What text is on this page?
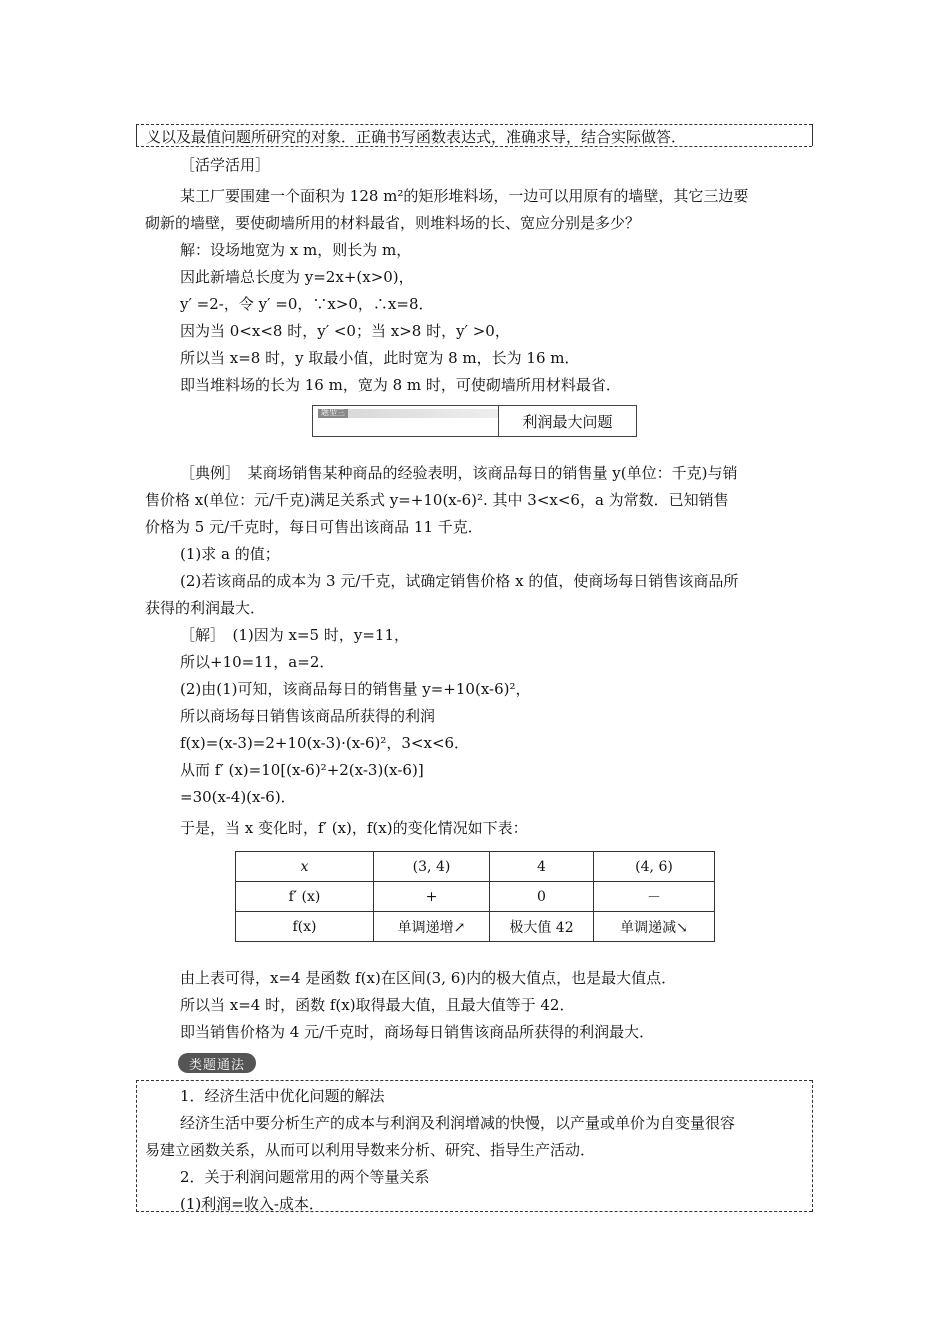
义以及最值问题所研究的对象．正确书写函数表达式，准确求导，结合实际做答．
［活学活用］
某工厂要围建一个面积为 128 m²的矩形堆料场，一边可以用原有的墙壁，其它三边要
砌新的墙壁，要使砌墙所用的材料最省，则堆料场的长、宽应分别是多少？
解：设场地宽为 x m，则长为 m，
因此新墙总长度为 y=2x+(x>0)，
y′ =2-，令 y′ =0，∵x>0，∴x=8．
因为当 0<x<8 时，y′ <0；当 x>8 时，y′ >0，
所以当 x=8 时，y 取最小值，此时宽为 8 m，长为 16 m．
即当堆料场的长为 16 m，宽为 8 m 时，可使砌墙所用材料最省．
题型三	利润最大问题
［典例］　某商场销售某种商品的经验表明，该商品每日的销售量 y(单位：千克)与销
售价格 x(单位：元/千克)满足关系式 y=+10(x-6)². 其中 3<x<6，a 为常数．已知销售
价格为 5 元/千克时，每日可售出该商品 11 千克．
(1)求 a 的值；
(2)若该商品的成本为 3 元/千克，试确定销售价格 x 的值，使商场每日销售该商品所
获得的利润最大．
［解］　(1)因为 x=5 时，y=11，
所以+10=11，a=2．
(2)由(1)可知，该商品每日的销售量 y=+10(x-6)²，
所以商场每日销售该商品所获得的利润
f(x)=(x-3)=2+10(x-3)·(x-6)²，3<x<6．
从而 f′ (x)=10[(x-6)²+2(x-3)(x-6)]
=30(x-4)(x-6)．
于是，当 x 变化时，f′ (x)，f(x)的变化情况如下表：
x	(3, 4)	4	(4, 6)
f′ (x)	+	0	－
f(x)	单调递增↗	极大值 42	单调递减↘
由上表可得，x=4 是函数 f(x)在区间(3, 6)内的极大值点，也是最大值点．
所以当 x=4 时，函数 f(x)取得最大值，且最大值等于 42．
即当销售价格为 4 元/千克时，商场每日销售该商品所获得的利润最大．
类题通法
1．经济生活中优化问题的解法
经济生活中要分析生产的成本与利润及利润增减的快慢，以产量或单价为自变量很容
易建立函数关系，从而可以利用导数来分析、研究、指导生产活动．
2．关于利润问题常用的两个等量关系
(1)利润=收入-成本．
